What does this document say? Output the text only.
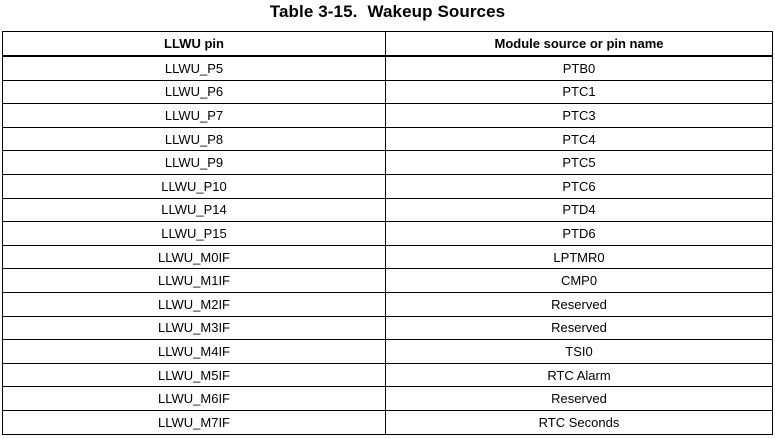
Table 3-15. Wakeup Sources
LLWU pin	Module source or pin name
LLWU_P5	PTB0
LLWU_P6	PTC1
LLWU_P7	PTC3
LLWU_P8	PTC4
LLWU_P9	PTC5
LLWU_P10	PTC6
LLWU_P14	PTD4
LLWU_P15	PTD6
LLWU_M0IF	LPTMR0
LLWU_M1IF	CMP0
LLWU_M2IF	Reserved
LLWU_M3IF	Reserved
LLWU_M4IF	TSI0
LLWU_M5IF	RTC Alarm
LLWU_M6IF	Reserved
LLWU_M7IF	RTC Seconds
